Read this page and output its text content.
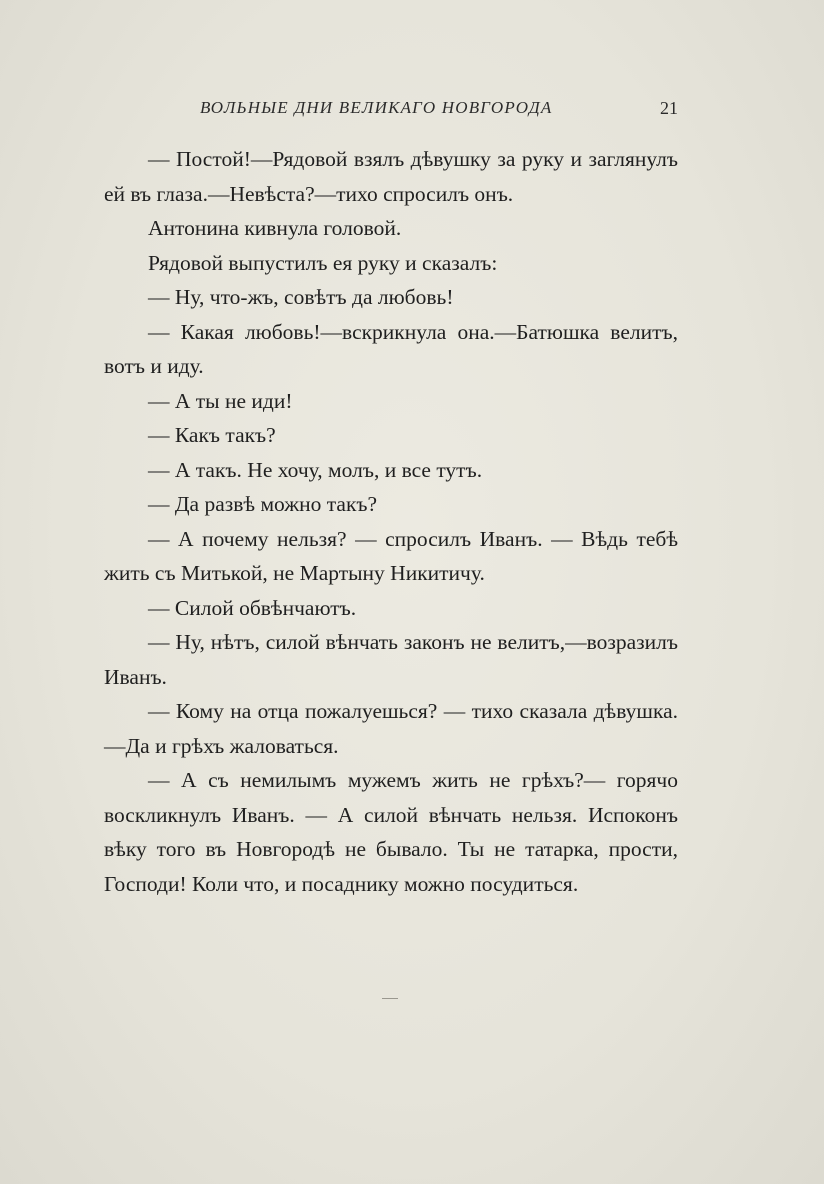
ВОЛЬНЫЕ ДНИ ВЕЛИКАГО НОВГОРОДА	21

— Постой!—Рядовой взялъ дѣвушку за руку и заглянулъ ей въ глаза.—Невѣста?—тихо спросилъ онъ.

Антонина кивнула головой.

Рядовой выпустилъ ея руку и сказалъ:

— Ну, что-жъ, совѣтъ да любовь!

— Какая любовь!—вскрикнула она.—Батюшка велитъ, вотъ и иду.

— А ты не иди!

— Какъ такъ?

— А такъ. Не хочу, молъ, и все тутъ.

— Да развѣ можно такъ?

— А почему нельзя? — спросилъ Иванъ. — Вѣдь тебѣ жить съ Митькой, не Мартыну Никитичу.

— Силой обвѣнчаютъ.

— Ну, нѣтъ, силой вѣнчать законъ не велитъ,—возразилъ Иванъ.

— Кому на отца пожалуешься? — тихо сказала дѣвушка.—Да и грѣхъ жаловаться.

— А съ немилымъ мужемъ жить не грѣхъ?— горячо воскликнулъ Иванъ. — А силой вѣнчать нельзя. Испоконъ вѣку того въ Новгородѣ не бывало. Ты не татарка, прости, Господи! Коли что, и посаднику можно посудиться.
